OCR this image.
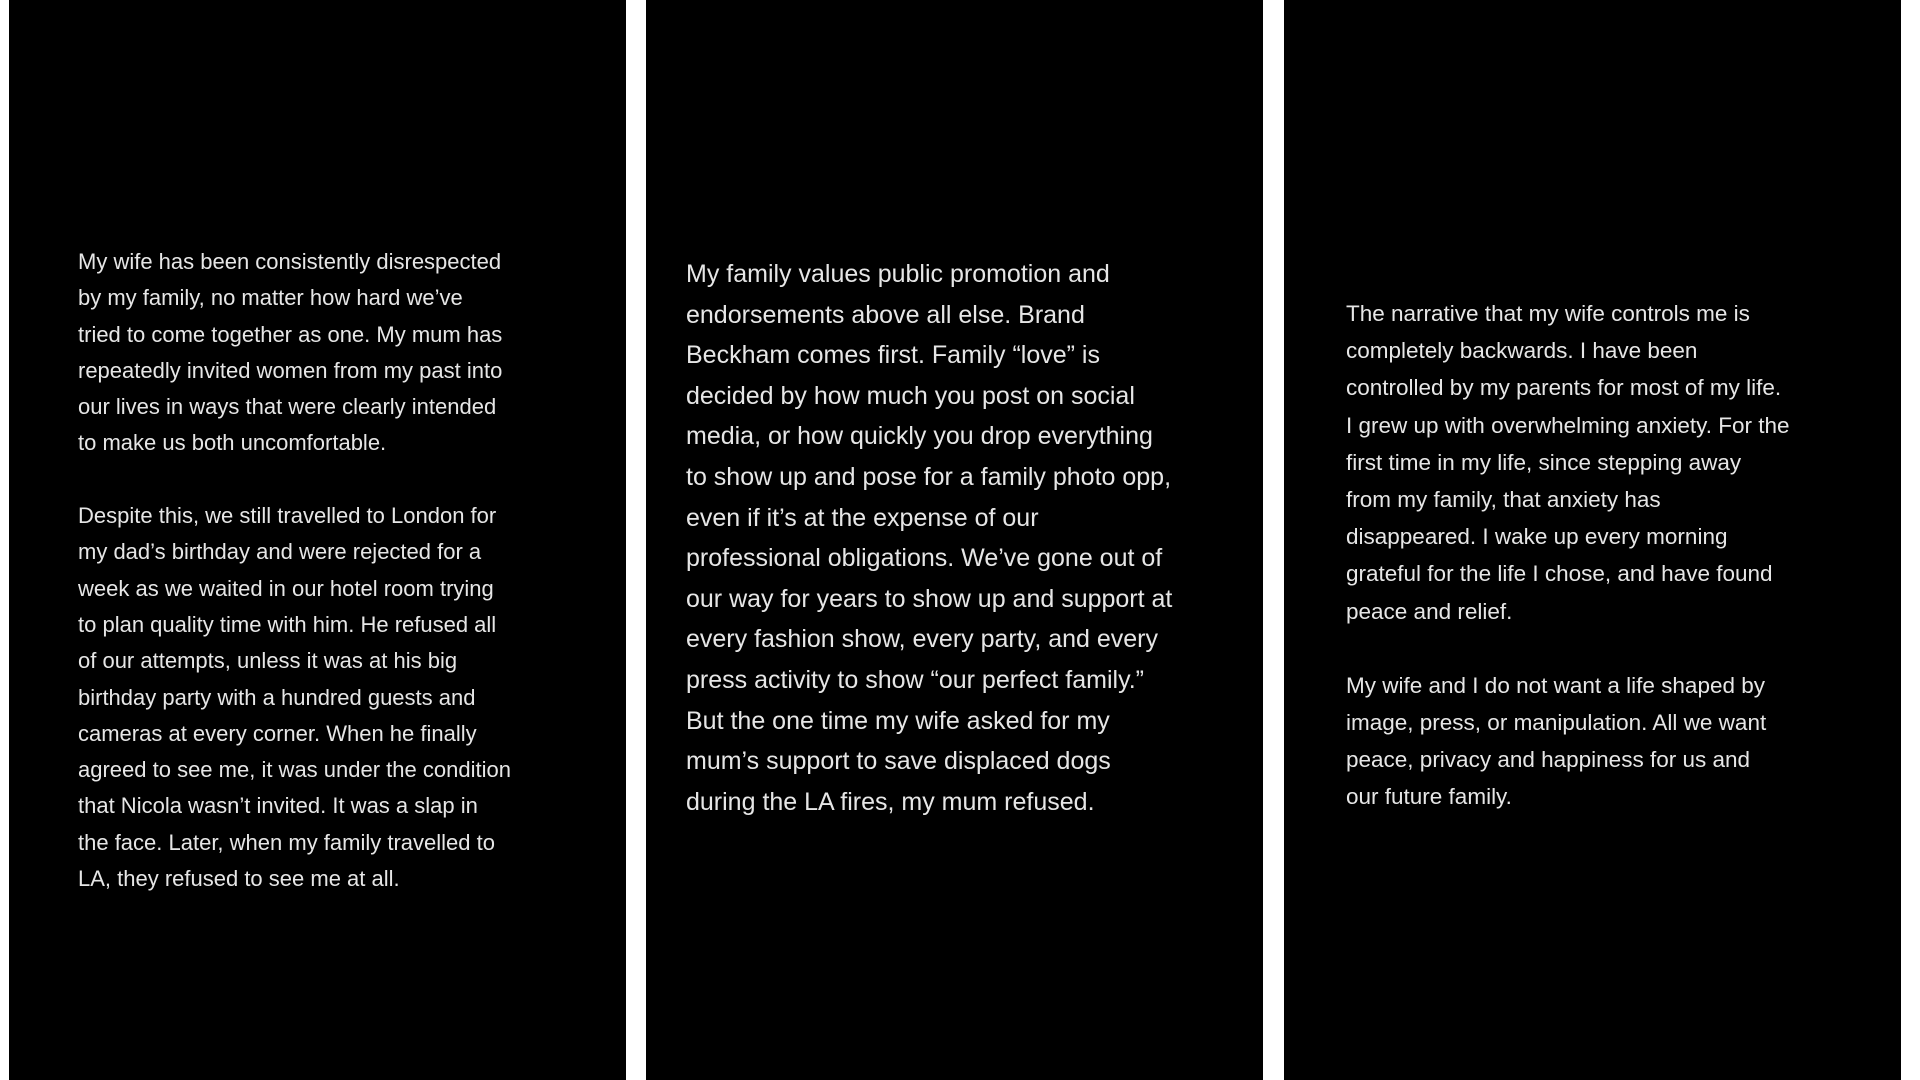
My wife has been consistently disrespected
by my family, no matter how hard we’ve
tried to come together as one. My mum has
repeatedly invited women from my past into
our lives in ways that were clearly intended
to make us both uncomfortable.
Despite this, we still travelled to London for
my dad’s birthday and were rejected for a
week as we waited in our hotel room trying
to plan quality time with him. He refused all
of our attempts, unless it was at his big
birthday party with a hundred guests and
cameras at every corner. When he finally
agreed to see me, it was under the condition
that Nicola wasn’t invited. It was a slap in
the face. Later, when my family travelled to
LA, they refused to see me at all.
My family values public promotion and
endorsements above all else. Brand
Beckham comes first. Family “love” is
decided by how much you post on social
media, or how quickly you drop everything
to show up and pose for a family photo opp,
even if it’s at the expense of our
professional obligations. We’ve gone out of
our way for years to show up and support at
every fashion show, every party, and every
press activity to show “our perfect family.”
But the one time my wife asked for my
mum’s support to save displaced dogs
during the LA fires, my mum refused.
The narrative that my wife controls me is
completely backwards. I have been
controlled by my parents for most of my life.
I grew up with overwhelming anxiety. For the
first time in my life, since stepping away
from my family, that anxiety has
disappeared. I wake up every morning
grateful for the life I chose, and have found
peace and relief.
My wife and I do not want a life shaped by
image, press, or manipulation. All we want
peace, privacy and happiness for us and
our future family.
